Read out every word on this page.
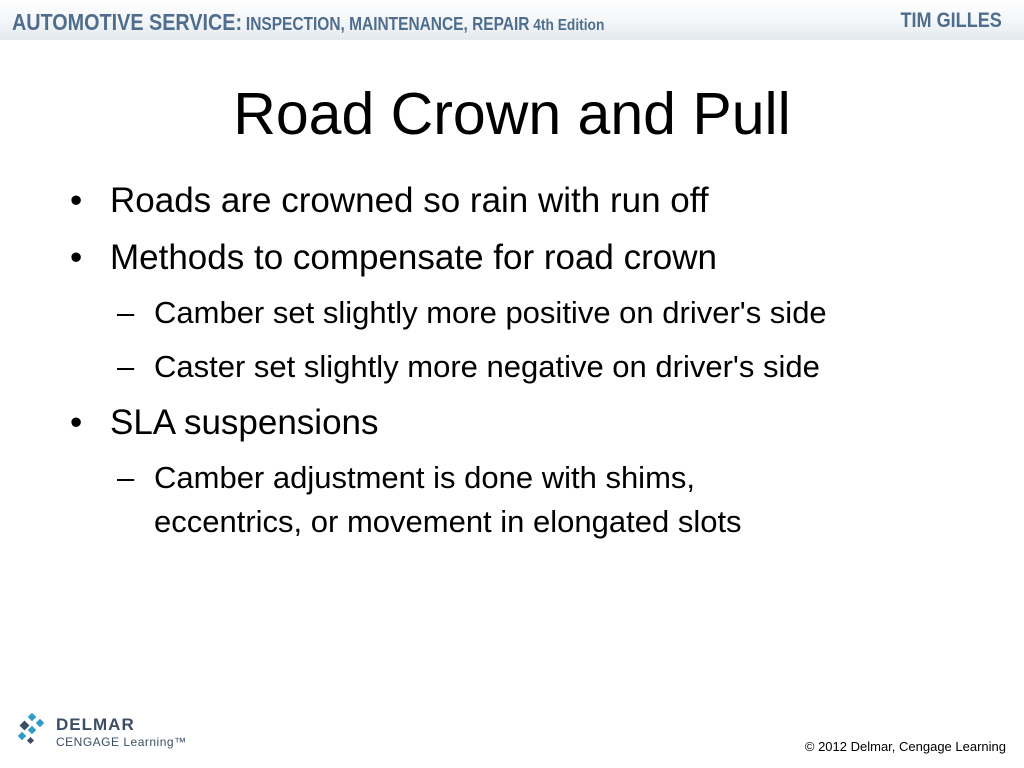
AUTOMOTIVE SERVICE: INSPECTION, MAINTENANCE, REPAIR 4th Edition	TIM GILLES
Road Crown and Pull
• Roads are crowned so rain with run off
• Methods to compensate for road crown
– Camber set slightly more positive on driver's side
– Caster set slightly more negative on driver's side
• SLA suspensions
– Camber adjustment is done with shims, eccentrics, or movement in elongated slots
DELMAR
CENGAGE Learning™	© 2012 Delmar, Cengage Learning
